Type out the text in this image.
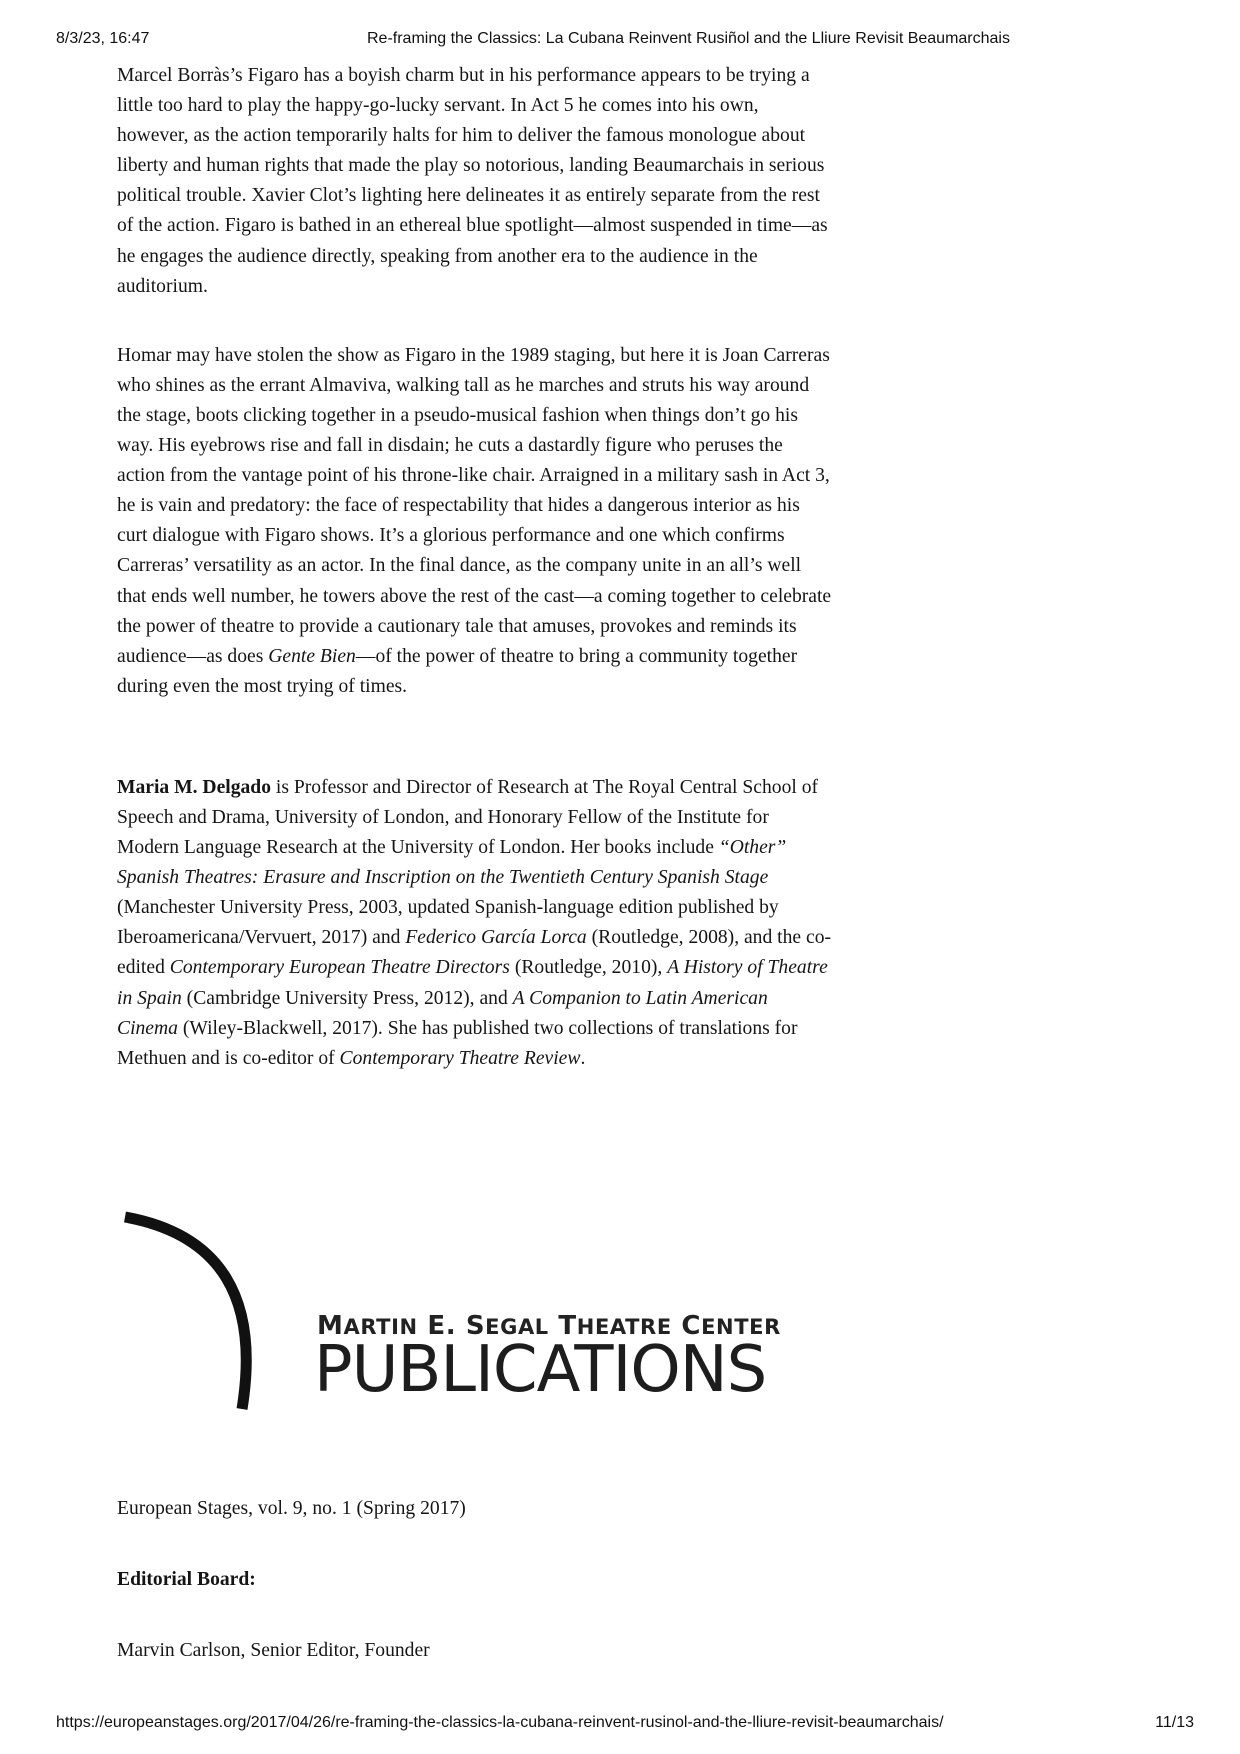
8/3/23, 16:47	Re-framing the Classics: La Cubana Reinvent Rusiñol and the Lliure Revisit Beaumarchais

Marcel Borràs’s Figaro has a boyish charm but in his performance appears to be trying a little too hard to play the happy-go-lucky servant. In Act 5 he comes into his own, however, as the action temporarily halts for him to deliver the famous monologue about liberty and human rights that made the play so notorious, landing Beaumarchais in serious political trouble. Xavier Clot’s lighting here delineates it as entirely separate from the rest of the action. Figaro is bathed in an ethereal blue spotlight—almost suspended in time—as he engages the audience directly, speaking from another era to the audience in the auditorium.

Homar may have stolen the show as Figaro in the 1989 staging, but here it is Joan Carreras who shines as the errant Almaviva, walking tall as he marches and struts his way around the stage, boots clicking together in a pseudo-musical fashion when things don’t go his way. His eyebrows rise and fall in disdain; he cuts a dastardly figure who peruses the action from the vantage point of his throne-like chair. Arraigned in a military sash in Act 3, he is vain and predatory: the face of respectability that hides a dangerous interior as his curt dialogue with Figaro shows. It’s a glorious performance and one which confirms Carreras’ versatility as an actor. In the final dance, as the company unite in an all’s well that ends well number, he towers above the rest of the cast—a coming together to celebrate the power of theatre to provide a cautionary tale that amuses, provokes and reminds its audience—as does Gente Bien—of the power of theatre to bring a community together during even the most trying of times.

Maria M. Delgado is Professor and Director of Research at The Royal Central School of Speech and Drama, University of London, and Honorary Fellow of the Institute for Modern Language Research at the University of London. Her books include “Other” Spanish Theatres: Erasure and Inscription on the Twentieth Century Spanish Stage (Manchester University Press, 2003, updated Spanish-language edition published by Iberoamericana/Vervuert, 2017) and Federico García Lorca (Routledge, 2008), and the co-edited Contemporary European Theatre Directors (Routledge, 2010), A History of Theatre in Spain (Cambridge University Press, 2012), and A Companion to Latin American Cinema (Wiley-Blackwell, 2017). She has published two collections of translations for Methuen and is co-editor of Contemporary Theatre Review.

MARTIN E. SEGAL THEATRE CENTER
PUBLICATIONS
European Stages, vol. 9, no. 1 (Spring 2017)
Editorial Board:
Marvin Carlson, Senior Editor, Founder
https://europeanstages.org/2017/04/26/re-framing-the-classics-la-cubana-reinvent-rusinol-and-the-lliure-revisit-beaumarchais/	11/13
